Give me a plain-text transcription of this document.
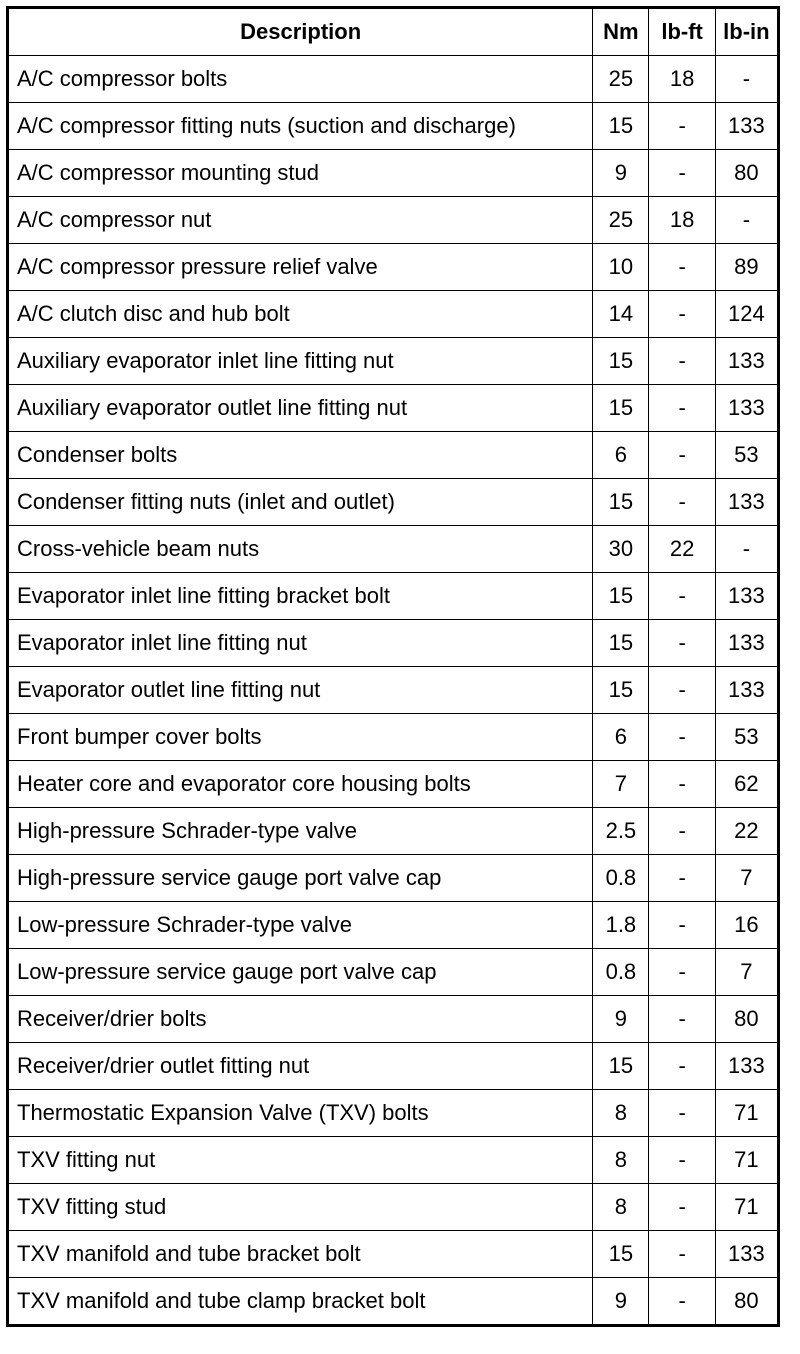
Description	Nm	lb-ft	lb-in
A/C compressor bolts	25	18	-
A/C compressor fitting nuts (suction and discharge)	15	-	133
A/C compressor mounting stud	9	-	80
A/C compressor nut	25	18	-
A/C compressor pressure relief valve	10	-	89
A/C clutch disc and hub bolt	14	-	124
Auxiliary evaporator inlet line fitting nut	15	-	133
Auxiliary evaporator outlet line fitting nut	15	-	133
Condenser bolts	6	-	53
Condenser fitting nuts (inlet and outlet)	15	-	133
Cross-vehicle beam nuts	30	22	-
Evaporator inlet line fitting bracket bolt	15	-	133
Evaporator inlet line fitting nut	15	-	133
Evaporator outlet line fitting nut	15	-	133
Front bumper cover bolts	6	-	53
Heater core and evaporator core housing bolts	7	-	62
High-pressure Schrader-type valve	2.5	-	22
High-pressure service gauge port valve cap	0.8	-	7
Low-pressure Schrader-type valve	1.8	-	16
Low-pressure service gauge port valve cap	0.8	-	7
Receiver/drier bolts	9	-	80
Receiver/drier outlet fitting nut	15	-	133
Thermostatic Expansion Valve (TXV) bolts	8	-	71
TXV fitting nut	8	-	71
TXV fitting stud	8	-	71
TXV manifold and tube bracket bolt	15	-	133
TXV manifold and tube clamp bracket bolt	9	-	80
